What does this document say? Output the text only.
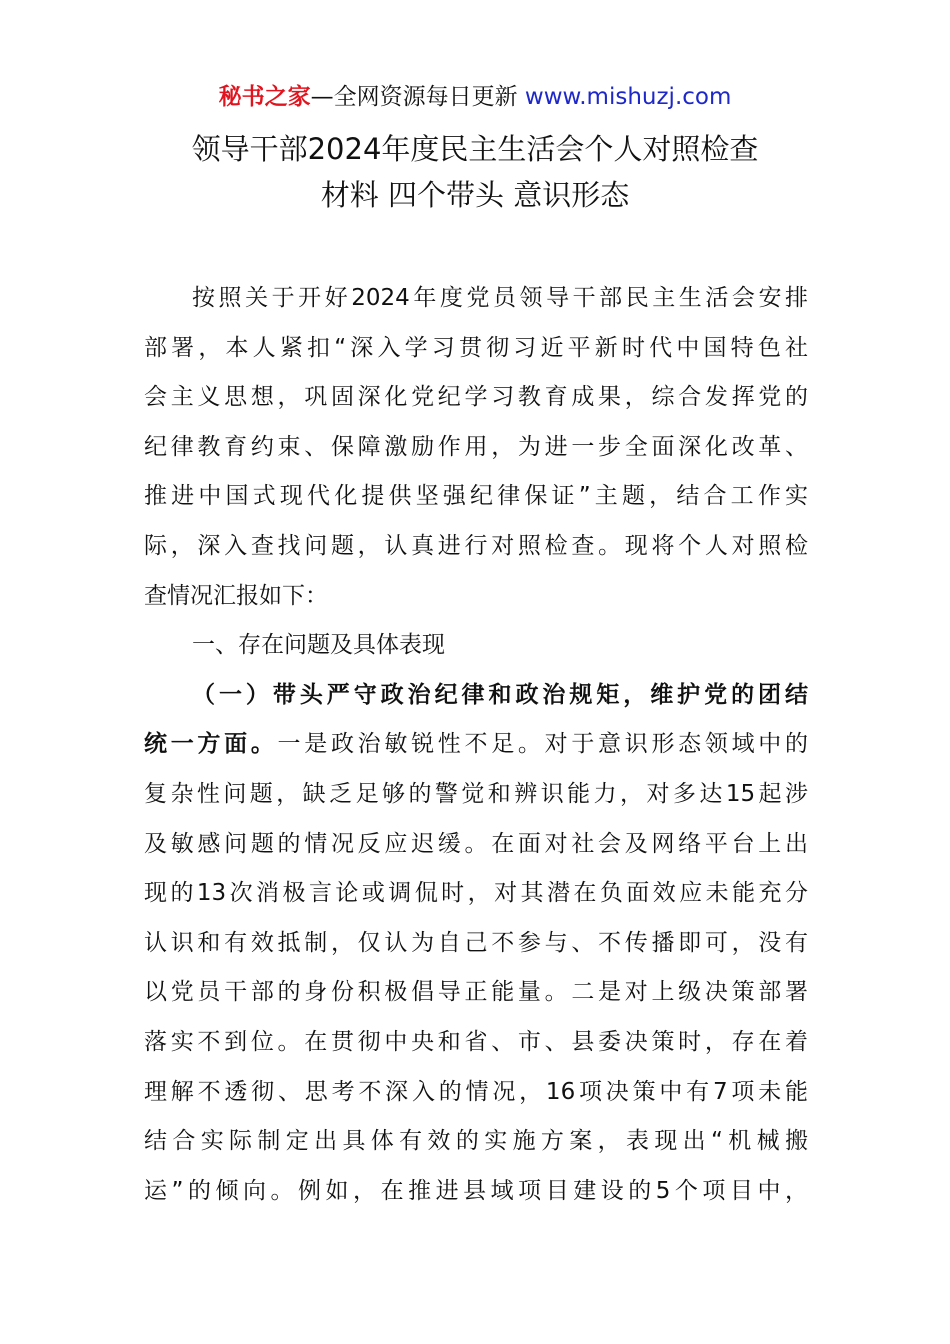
秘书之家—全网资源每日更新 www.mishuzj.com
领导干部2024年度民主生活会个人对照检查
材料 四个带头 意识形态
按照关于开好2024年度党员领导干部民主生活会安排
部署，本人紧扣“深入学习贯彻习近平新时代中国特色社
会主义思想，巩固深化党纪学习教育成果，综合发挥党的
纪律教育约束、保障激励作用，为进一步全面深化改革、
推进中国式现代化提供坚强纪律保证”主题，结合工作实
际，深入查找问题，认真进行对照检查。现将个人对照检
查情况汇报如下：
一、存在问题及具体表现
（一）带头严守政治纪律和政治规矩，维护党的团结
统一方面。一是政治敏锐性不足。对于意识形态领域中的
复杂性问题，缺乏足够的警觉和辨识能力，对多达15起涉
及敏感问题的情况反应迟缓。在面对社会及网络平台上出
现的13次消极言论或调侃时，对其潜在负面效应未能充分
认识和有效抵制，仅认为自己不参与、不传播即可，没有
以党员干部的身份积极倡导正能量。二是对上级决策部署
落实不到位。在贯彻中央和省、市、县委决策时，存在着
理解不透彻、思考不深入的情况，16项决策中有7项未能
结合实际制定出具体有效的实施方案，表现出“机械搬
运”的倾向。例如，在推进县域项目建设的5个项目中，
